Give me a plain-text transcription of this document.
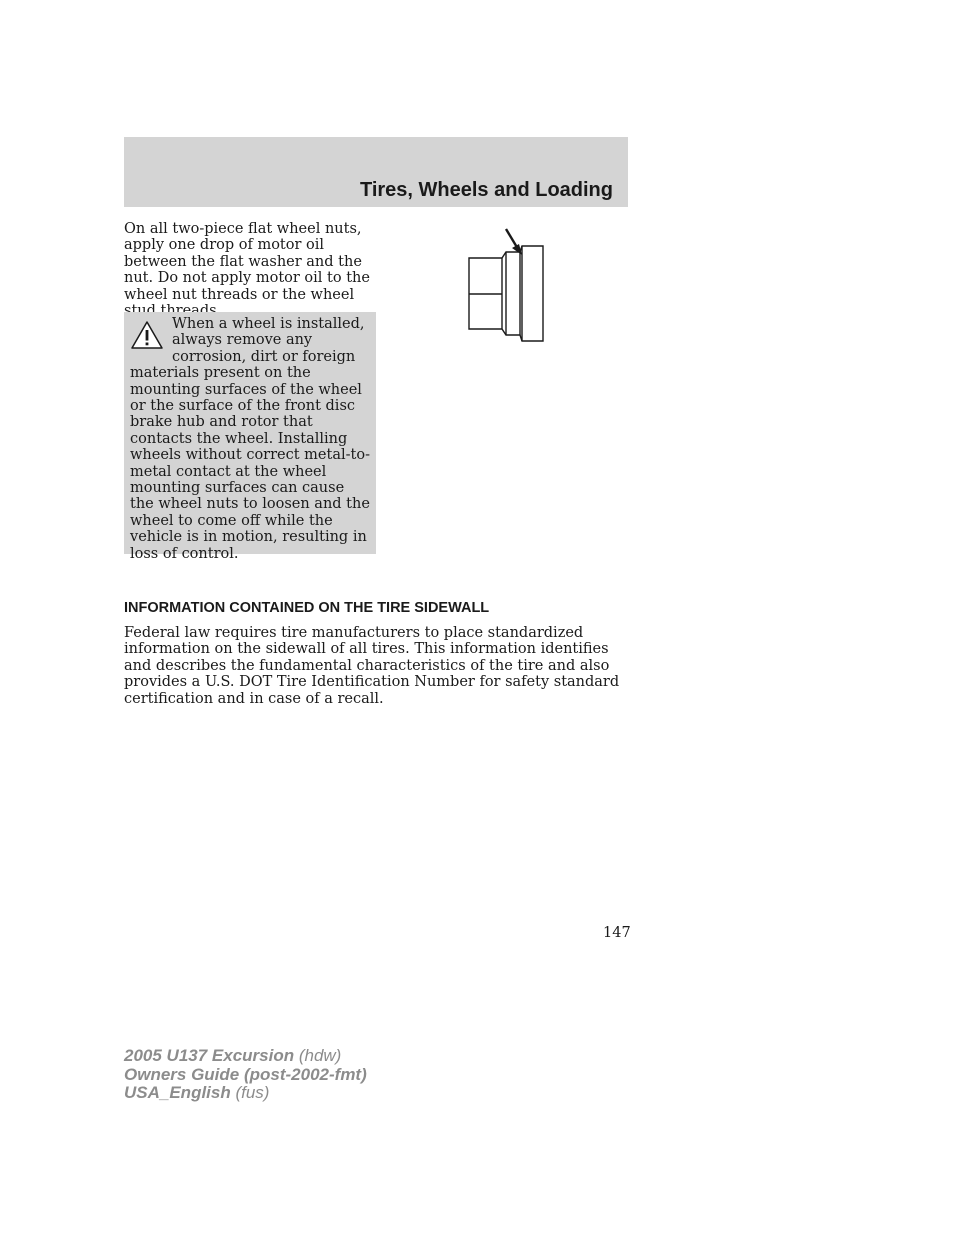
Tires, Wheels and Loading

On all two-piece flat wheel nuts, apply one drop of motor oil between the flat washer and the nut. Do not apply motor oil to the wheel nut threads or the wheel

When a wheel is installed, always remove any corrosion, dirt or foreign materials present on the mounting surfaces of the wheel or the surface of the front disc brake hub and rotor that contacts the wheel. Installing wheels without correct metal-to-metal contact at the wheel mounting surfaces can cause the wheel nuts to loosen and the wheel to come off while the vehicle is in motion, resulting in loss of control.

INFORMATION CONTAINED ON THE TIRE SIDEWALL

Federal law requires tire manufacturers to place standardized information on the sidewall of all tires. This information identifies and describes the fundamental characteristics of the tire and also provides a U.S. DOT Tire Identification Number for safety standard certification and in case of a recall.

147
2005 U137 Excursion (hdw)
Owners Guide (post-2002-fmt)
USA_English (fus)
